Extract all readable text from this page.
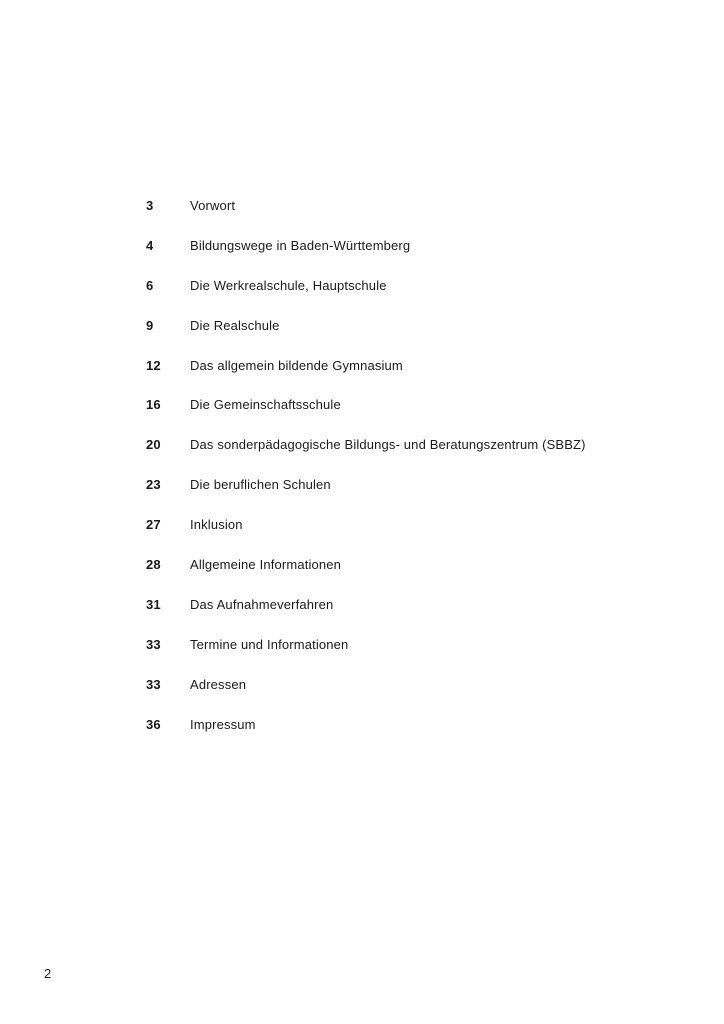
3	Vorwort
4	Bildungswege in Baden-Württemberg
6	Die Werkrealschule, Hauptschule
9	Die Realschule
12	Das allgemein bildende Gymnasium
16	Die Gemeinschaftsschule
20	Das sonderpädagogische Bildungs- und Beratungszentrum (SBBZ)
23	Die beruflichen Schulen
27	Inklusion
28	Allgemeine Informationen
31	Das Aufnahmeverfahren
33	Termine und Informationen
33	Adressen
36	Impressum
2
